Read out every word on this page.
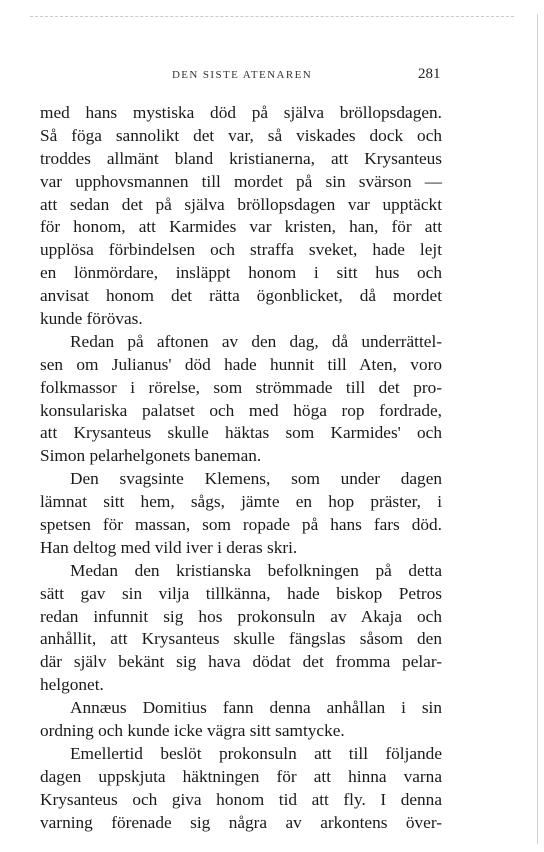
DEN SISTE ATENAREN	281
med hans mystiska död på själva bröllopsdagen.
Så föga sannolikt det var, så viskades dock och
troddes allmänt bland kristianerna, att Krysanteus
var upphovsmannen till mordet på sin svärson —
att sedan det på själva bröllopsdagen var upptäckt
för honom, att Karmides var kristen, han, för att
upplösa förbindelsen och straffa sveket, hade lejt
en lönmördare, insläppt honom i sitt hus och
anvisat honom det rätta ögonblicket, då mordet
kunde förövas.
Redan på aftonen av den dag, då underrättel-
sen om Julianus' död hade hunnit till Aten, voro
folkmassor i rörelse, som strömmade till det pro-
konsulariska palatset och med höga rop fordrade,
att Krysanteus skulle häktas som Karmides' och
Simon pelarhelgonets baneman.
Den svagsinte Klemens, som under dagen
lämnat sitt hem, sågs, jämte en hop präster, i
spetsen för massan, som ropade på hans fars död.
Han deltog med vild iver i deras skri.
Medan den kristianska befolkningen på detta
sätt gav sin vilja tillkänna, hade biskop Petros
redan infunnit sig hos prokonsuln av Akaja och
anhållit, att Krysanteus skulle fängslas såsom den
där själv bekänt sig hava dödat det fromma pelar-
helgonet.
Annæus Domitius fann denna anhållan i sin
ordning och kunde icke vägra sitt samtycke.
Emellertid beslöt prokonsuln att till följande
dagen uppskjuta häktningen för att hinna varna
Krysanteus och giva honom tid att fly. I denna
varning förenade sig några av arkontens över-
